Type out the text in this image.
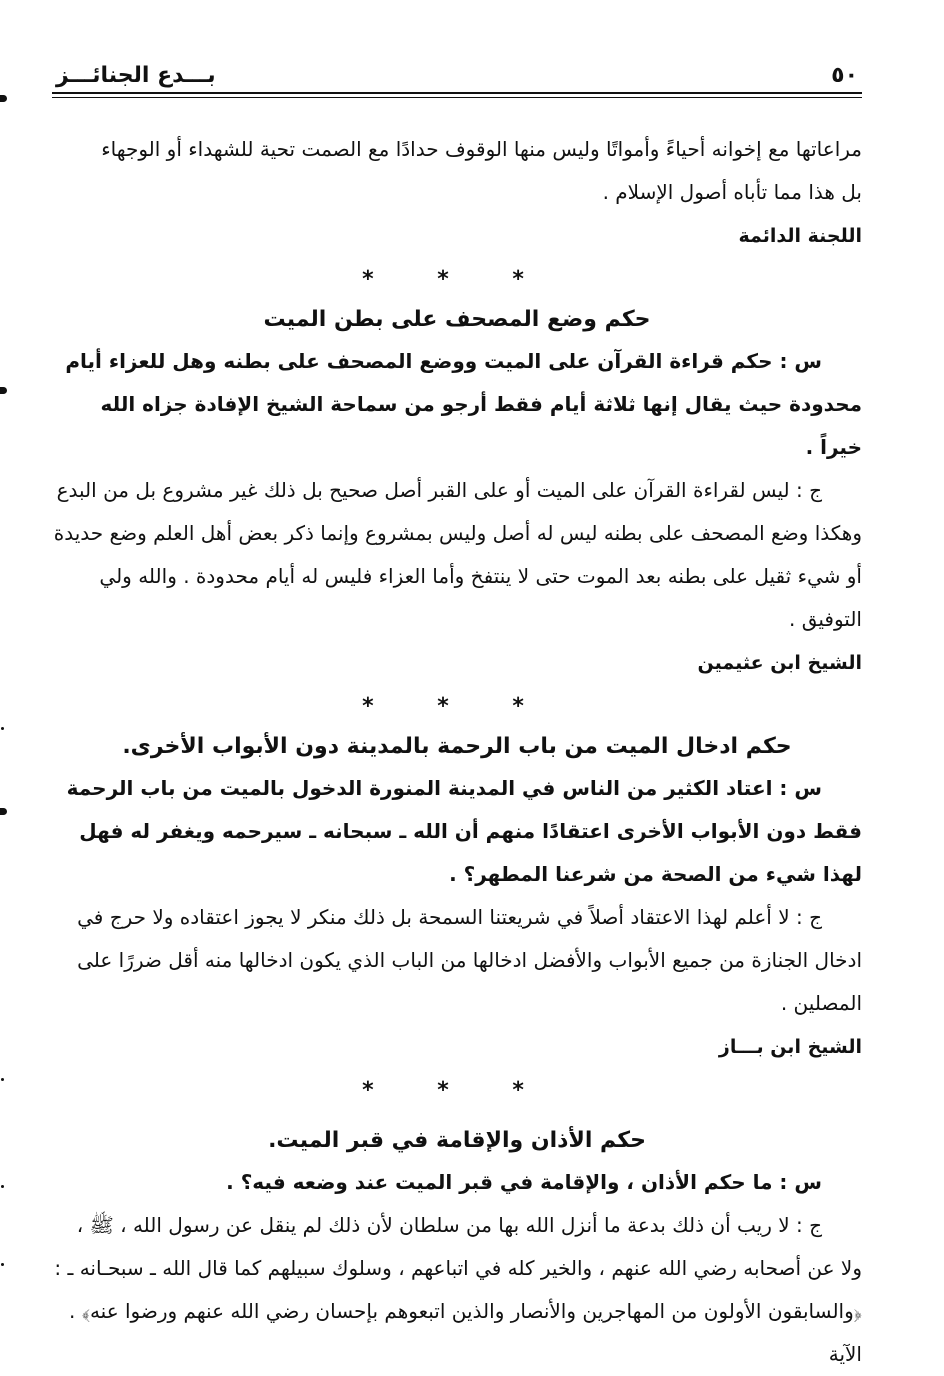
٥٠
بـــدع الجنائـــز

مراعاتها مع إخوانه أحياءً وأمواتًا وليس منها الوقوف حدادًا مع الصمت تحية للشهداء أو الوجهاء

بل هذا مما تأباه أصول الإسلام .

اللجنة الدائمة

* * *
حكم وضع المصحف على بطن الميت

س : حكم قراءة القرآن على الميت ووضع المصحف على بطنه وهل للعزاء أيام محدودة حيث يقال إنها ثلاثة أيام فقط أرجو من سماحة الشيخ الإفادة جزاه الله خيراً .

ج : ليس لقراءة القرآن على الميت أو على القبر أصل صحيح بل ذلك غير مشروع بل من البدع وهكذا وضع المصحف على بطنه ليس له أصل وليس بمشروع وإنما ذكر بعض أهل العلم وضع حديدة أو شيء ثقيل على بطنه بعد الموت حتى لا ينتفخ وأما العزاء فليس له أيام محدودة . والله ولي التوفيق .

الشيخ ابن عثيمين

* * *
حكم ادخال الميت من باب الرحمة بالمدينة دون الأبواب الأخرى.

س : اعتاد الكثير من الناس في المدينة المنورة الدخول بالميت من باب الرحمة فقط دون الأبواب الأخرى اعتقادًا منهم أن الله ـ سبحانه ـ سيرحمه ويغفر له فهل لهذا شيء من الصحة من شرعنا المطهر؟ .

ج : لا أعلم لهذا الاعتقاد أصلاً في شريعتنا السمحة بل ذلك منكر لا يجوز اعتقاده ولا حرج في ادخال الجنازة من جميع الأبواب والأفضل ادخالها من الباب الذي يكون ادخالها منه أقل ضررًا على المصلين .

الشيخ ابن بـــاز

* * *
حكم الأذان والإقامة في قبر الميت.

س : ما حكم الأذان ، والإقامة في قبر الميت عند وضعه فيه؟ .

ج : لا ريب أن ذلك بدعة ما أنزل الله بها من سلطان لأن ذلك لم ينقل عن رسول الله ، ﷺ ، ولا عن أصحابه رضي الله عنهم ، والخير كله في اتباعهم ، وسلوك سبيلهم كما قال الله ـ سبحـانه ـ : ﴿والسابقون الأولون من المهاجرين والأنصار والذين اتبعوهم بإحسان رضي الله عنهم ورضوا عنه﴾ . الآية
